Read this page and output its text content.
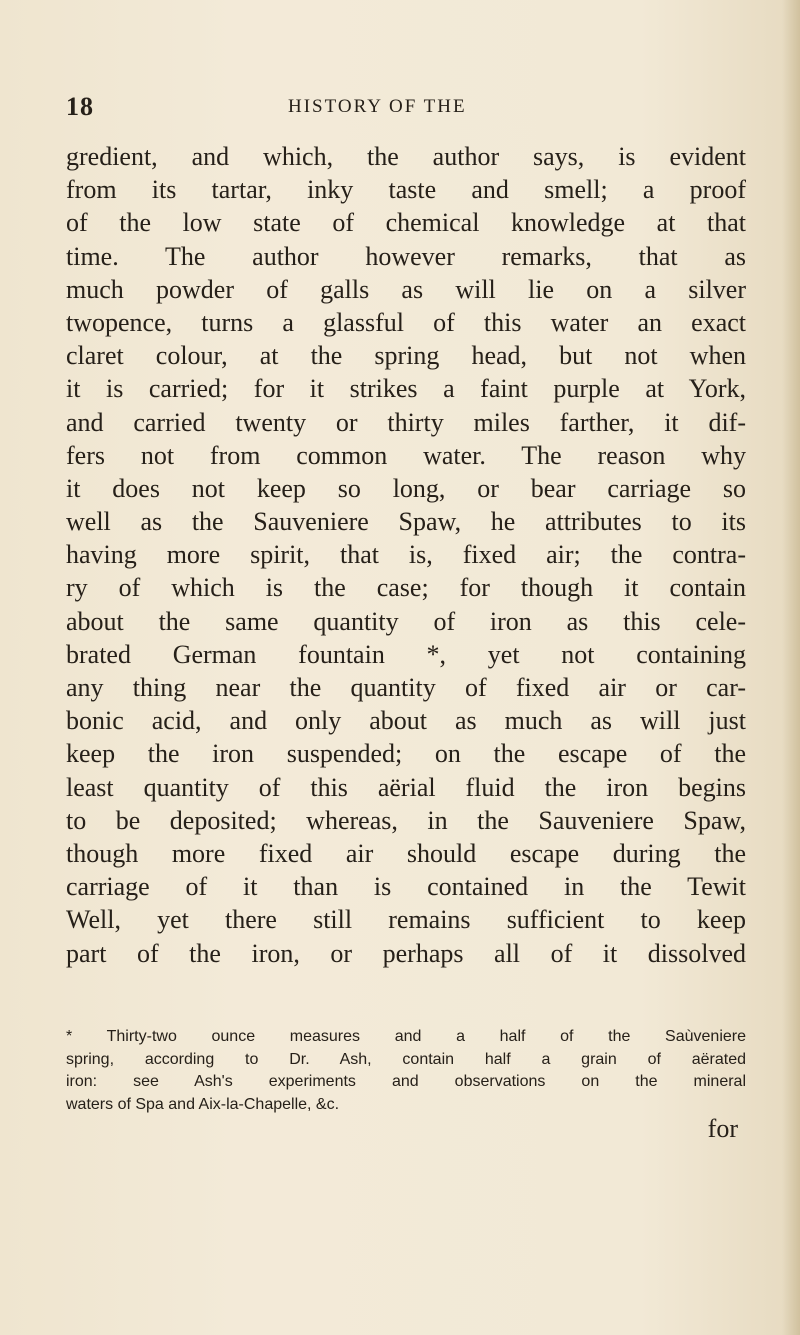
18	HISTORY OF THE
gredient, and which, the author says, is evident
from its tartar, inky taste and smell; a proof
of the low state of chemical knowledge at that
time. The author however remarks, that as
much powder of galls as will lie on a silver
twopence, turns a glassful of this water an exact
claret colour, at the spring head, but not when
it is carried; for it strikes a faint purple at York,
and carried twenty or thirty miles farther, it dif-
fers not from common water. The reason why
it does not keep so long, or bear carriage so
well as the Sauveniere Spaw, he attributes to its
having more spirit, that is, fixed air; the contra-
ry of which is the case; for though it contain
about the same quantity of iron as this cele-
brated German fountain *, yet not containing
any thing near the quantity of fixed air or car-
bonic acid, and only about as much as will just
keep the iron suspended; on the escape of the
least quantity of this aërial fluid the iron begins
to be deposited; whereas, in the Sauveniere Spaw,
though more fixed air should escape during the
carriage of it than is contained in the Tewit
Well, yet there still remains sufficient to keep
part of the iron, or perhaps all of it dissolved
* Thirty-two ounce measures and a half of the Saùveniere
spring, according to Dr. Ash, contain half a grain of aërated
iron: see Ash's experiments and observations on the mineral
waters of Spa and Aix-la-Chapelle, &c.
for
